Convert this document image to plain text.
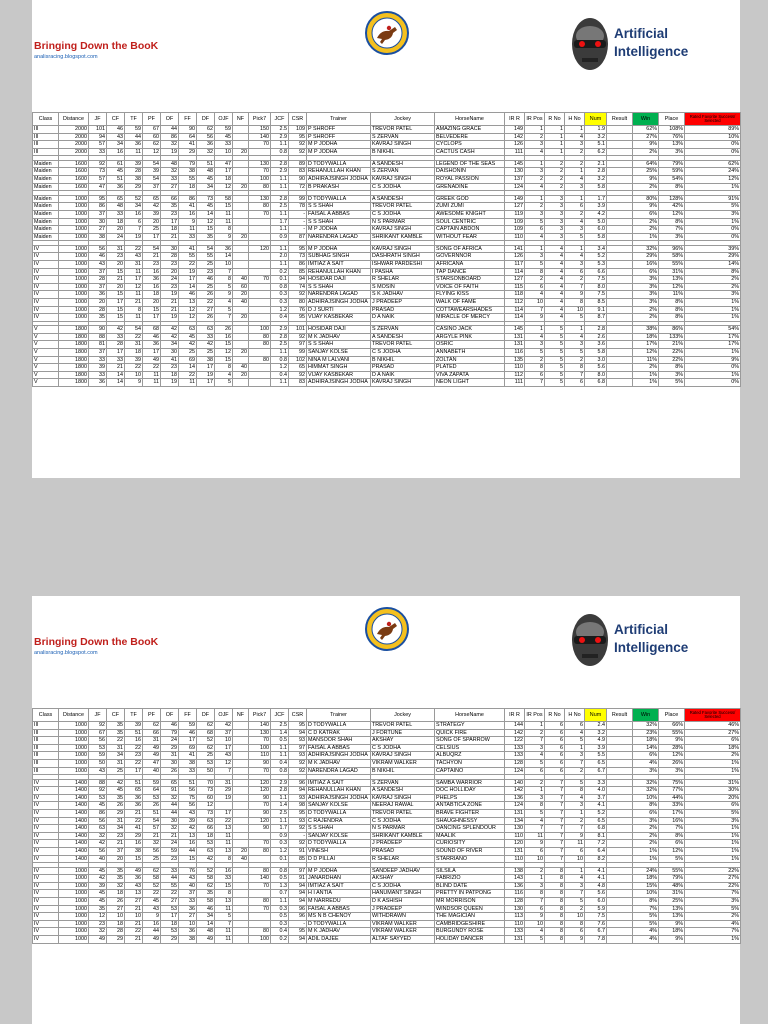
Bringing Down the BooK
analisracing.blogspot.com
Artificial
Intelligence
Class	Distance	JF	CF	TF	PF	OF	FF	DF	OJF	NF	Pick7	JCF	CSR	Trainer	Jockey	HorseName	IR R	IR Pos	R No	H No	Num	Result	Win	Place	Rated Favorite Success/ Selected
III	2000	101	46	59	67	44	90	62	59		150	2.5	109	P SHROFF	TREVOR PATEL	AMAZING GRACE	149	1	1	1	1.9		62%	108%	89%
III	2000	94	43	44	60	86	64	56	45		140	2.9	95	P SHROFF	S ZERVAN	BELVEDERE	142	2	1	4	3.2		27%	76%	10%
III	2000	57	34	36	62	32	41	36	33		70	1.1	92	M P JODHA	KAVRAJ SINGH	CYCLOPS	126	3	1	3	5.1		9%	13%	0%
III	2000	33	16	11	12	19	29	32	10	20		0.8	92	M P JODHA	B NIKHIL	CACTUS CASH	111	4	1	2	6.2		2%	3%	0%

Maiden	1600	92	61	39	54	48	79	51	47		130	2.8	89	D TODYWALLA	A SANDESH	LEGEND OF THE SEAS	145	1	2	2	2.1		64%	79%	62%
Maiden	1600	73	45	28	39	32	38	48	17		70	2.9	83	REHANULLAH KHAN	S ZERVAN	DAISHONIN	130	3	2	1	2.8		25%	59%	24%
Maiden	1600	57	51	38	54	33	55	45	18		100	1.1	90	ADHIRAJSINGH JODHA	KAVRAJ SINGH	ROYAL PASSION	137	2	2	4	3.2		9%	54%	12%
Maiden	1600	47	36	29	37	27	18	34	12	20	80	1.1	72	B PRAKASH	C S JODHA	GRENADINE	124	4	2	3	5.8		2%	8%	1%

Maiden	1000	95	65	52	65	66	86	73	58		130	2.8	99	D TODYWALLA	A SANDESH	GREEK GOD	149	1	3	1	1.7		80%	128%	91%
Maiden	1000	86	48	34	42	35	41	45	15		80	2.5	78	S S SHAH	TREVOR PATEL	ZUMI ZUMI	127	2	3	6	3.9		9%	42%	5%
Maiden	1000	37	33	16	39	23	16	14	11		70	1.1	-	FAISAL A ABBAS	C S JODHA	AWESOME KNIGHT	119	3	3	2	4.2		6%	12%	3%
Maiden	1000	30	18	6	20	17	9	12	11			1.7	-	S S SHAH	N S PARMAR	SOUL CENTRIC	109	5	3	4	5.0		2%	8%	1%
Maiden	1000	27	20	7	25	18	11	15	8			1.1	-	M P JODHA	KAVRAJ SINGH	CAPTAIN ABDON	109	6	3	3	6.0		2%	7%	0%
Maiden	1000	38	24	19	17	21	33	35	9	20		0.9	87	NARENDRA LAGAD	SHRIKANT KAMBLE	WITHOUT FEAR	110	4	3	5	5.8		1%	3%	0%

IV	1000	56	31	22	54	30	41	54	36		120	1.1	95	M P JODHA	KAVRAJ SINGH	SONG OF AFRICA	141	1	4	1	3.4		32%	96%	39%
IV	1000	46	23	43	21	28	55	55	14			2.0	73	SUBHAG SINGH	DASHRATH SINGH	GOVERNNOR	126	3	4	4	5.2		29%	58%	29%
IV	1000	43	20	31	23	23	22	25	10			1.1	86	IMTIAZ A SAIT	ISHWAR PARDESHI	AFRICANA	117	5	4	3	5.3		16%	55%	14%
IV	1000	37	15	11	16	20	19	23	7			0.2	85	REHANULLAH KHAN	I PASHA	TAP DANCE	114	8	4	6	6.6		6%	31%	8%
IV	1000	28	21	17	36	24	17	46	8	40	70	0.1	94	HOSIDAR DAJI	R SHELAR	STARSONBOARD	127	2	4	2	7.5		3%	13%	2%
IV	1000	37	20	12	16	23	14	25	5	60		0.8	74	S S SHAH	S MOSIN	VOICE OF FAITH	115	6	4	7	8.0		3%	12%	2%
IV	1000	36	15	11	18	19	46	26	9	20		0.3	92	NARENDRA LAGAD	S K JADHAV	FLYING KISS	118	4	4	9	7.5		3%	11%	3%
IV	1000	20	17	21	20	21	13	22	4	40		0.3	80	ADHIRAJSINGH JODHA	J PRADEEP	WALK OF FAME	112	10	4	8	8.5		3%	8%	1%
IV	1000	28	15	8	15	21	12	27	5			1.2	76	D J SURTI	PRASAD	COTTAWEARSHADES	114	7	4	10	9.1		2%	8%	1%
IV	1000	35	15	11	17	19	12	26	7	20		0.4	95	VIJAY KASBEKAR	D A NAIK	MIRACLE OF MERCY	114	9	4	5	8.7		2%	8%	1%

V	1800	90	42	54	68	42	63	63	26		100	2.9	101	HOSIDAR DAJI	S ZERVAN	CASINO JACK	145	1	5	1	2.8		38%	86%	54%
V	1800	88	33	22	46	42	45	33	16		80	2.8	92	M K JADHAV	A SANDESH	ARGYLE PINK	131	4	5	4	2.6		18%	133%	17%
V	1800	81	28	31	36	34	42	42	15		80	2.5	97	S S SHAH	TREVOR PATEL	OSRIC	131	3	5	3	3.6		17%	21%	17%
V	1800	37	17	18	17	30	25	25	12	20		1.1	99	SANJAY KOLSE	C S JODHA	ANNABETH	116	5	5	5	5.8		12%	22%	1%
V	1800	33	33	39	49	41	69	38	15		80	0.8	102	NINA M LALVANI	B NIKHIL	ZOLTAN	135	2	5	2	3.0		11%	22%	9%
V	1800	39	21	22	22	23	14	17	8	40		1.2	65	HIMMAT SINGH	PRASAD	PLATED	110	8	5	8	5.6		2%	8%	0%
V	1800	33	14	10	11	18	22	19	4	20		0.4	92	VIJAY KASBEKAR	D A NAIK	VIVA ZAPATA	112	6	5	7	8.0		1%	3%	1%
V	1800	36	14	9	11	19	11	17	5			1.1	83	ADHIRAJSINGH JODHA	KAVRAJ SINGH	NEON LIGHT	111	7	5	6	6.8		1%	5%	0%
Bringing Down the BooK
analisracing.blogspot.com
Artificial
Intelligence
Class	Distance	JF	CF	TF	PF	OF	FF	DF	OJF	NF	Pick7	JCF	CSR	Trainer	Jockey	HorseName	IR R	IR Pos	R No	H No	Num	Result	Win	Place	Rated Favorite Success/ Selected
III	1000	92	35	39	62	46	59	62	42		140	2.5	95	D TODYWALLA	TREVOR PATEL	STRATEGY	144	1	6	6	2.4		32%	66%	46%
III	1000	67	35	51	66	79	46	68	37		130	1.4	94	C D KATRAK	J FORTUNE	QUICK FIRE	142	2	6	4	3.2		23%	55%	27%
III	1000	56	22	16	31	24	17	52	10		70	0.5	93	MANSOOR SHAH	AKSHAY	SONG OF SPARROW	122	7	6	5	4.9		18%	9%	6%
III	1000	53	31	22	49	29	69	62	17		100	1.1	97	FAISAL A ABBAS	C S JODHA	CELSIUS	133	3	6	1	3.9		14%	28%	18%
III	1000	59	34	23	49	31	41	25	43		110	1.1	93	ADHIRAJSINGH JODHA	KAVRAJ SINGH	ALBUQRZ	133	4	6	3	5.5		6%	12%	2%
III	1000	50	31	22	47	30	38	53	12		90	0.4	92	M K JADHAV	VIKRAM WALKER	TACHYON	128	5	6	7	6.5		4%	26%	1%
III	1000	43	25	17	40	26	33	50	7		70	0.8	92	NARENDRA LAGAD	B NIKHIL	CAPTAINO	124	6	6	2	6.7		3%	3%	1%

IV	1400	88	42	51	59	65	51	70	31		120	2.9	96	IMTIAZ A SAIT	S ZERVAN	SAMBA WARRIOR	140	2	7	5	3.3		32%	75%	31%
IV	1400	92	45	65	64	91	56	73	29		120	2.8	94	REHANULLAH KHAN	A SANDESH	DOC HOLLIDAY	142	1	7	8	4.0		32%	77%	30%
IV	1400	53	35	36	53	32	75	60	19		90	1.1	93	ADHIRAJSINGH JODHA	KAVRAJ SINGH	PHELPS	136	3	7	4	3.7		10%	44%	20%
IV	1400	45	26	36	26	44	56	12			70	1.4	98	SANJAY KOLSE	NEERAJ RAWAL	ANTABTICA ZONE	124	8	7	3	4.1		8%	33%	6%
IV	1400	86	29	21	51	44	43	73	17		90	2.5	95	D TODYWALLA	TREVOR PATEL	BRAVE FIGHTER	131	5	7	1	5.2		6%	17%	5%
IV	1400	56	31	22	54	30	39	63	22		120	1.1	93	C RAJENDRA	C S JODHA	SHAUGHNESSY	134	4	7	2	6.5		3%	16%	3%
IV	1400	63	34	41	57	32	42	66	13		90	1.7	92	S S SHAH	N S PARMAR	DANCING SPLENDOUR	130	7	7	7	6.8		2%	7%	1%
IV	1400	32	23	29	21	21	13	18	11			0.9	-	SANJAY KOLSE	SHRIKANT KAMBLE	MAALIK	110	11	7	9	8.1		2%	8%	1%
IV	1400	42	21	16	32	24	16	53	11		70	0.3	92	D TODYWALLA	J PRADEEP	CURIOSITY	120	9	7	11	7.2		2%	6%	1%
IV	1400	56	37	38	56	59	44	63	13	20	80	1.2	91	VINESH	PRASAD	SOUND OF RIVER	131	6	7	6	6.4		1%	12%	1%
IV	1400	40	20	15	25	23	15	42	8	40		0.1	85	D D PILLAI	R SHELAR	STARRIANO	110	10	7	10	8.2		1%	5%	1%

IV	1000	45	35	49	62	33	76	52	16		80	0.8	97	M P JODHA	SANDEEP JADHAV	SILSILA	138	2	8	1	4.1		24%	55%	22%
IV	1000	42	35	36	58	44	43	58	33		140	0.5	91	JANARDHAN	AKSHAY	FABRIZIO	143	1	8	4	4.1		18%	79%	27%
IV	1000	39	32	43	52	55	40	62	15		70	1.3	94	IMTIAZ A SAIT	C S JODHA	BLIND DATE	136	3	8	3	4.8		15%	48%	22%
IV	1000	45	18	13	22	22	37	35	8			0.7	94	H I ANTIA	HANUMANT SINGH	PRETTY IN PATPONG	116	8	8	7	5.6		10%	31%	7%
IV	1000	45	26	27	45	27	33	58	13		80	1.1	94	M NARREDU	D K ASHISH	MR MORRISON	128	7	8	5	6.0		8%	25%	3%
IV	1000	35	27	21	43	53	36	46	11		70	0.3	96	FAISAL A ABBAS	J PRADEEP	WINDSOR QUEEN	130	6	8	2	5.9		7%	13%	5%
IV	1000	12	10	10	9	17	27	34	5			0.5	96	MS N B CHENOY	WITHDRAWN	THE MAGICIAN	113	9	8	10	7.5		5%	13%	2%
IV	1000	23	18	21	16	18	10	14	7			0.3	-	D TODYWALLA	VIKRAM WALKER	CAMBRIDGESHIRE	110	10	8	8	7.6		5%	9%	4%
IV	1000	32	28	22	44	53	36	48	11		80	0.4	95	M K JADHAV	VIKRAM WALKER	BURGUNDY ROSE	133	4	8	6	6.7		4%	18%	7%
IV	1000	49	29	21	49	29	38	49	11		100	0.2	94	ADIL DAJEE	ALTAF SAYYED	HOLIDAY DANCER	131	5	8	9	7.8		4%	9%	1%
